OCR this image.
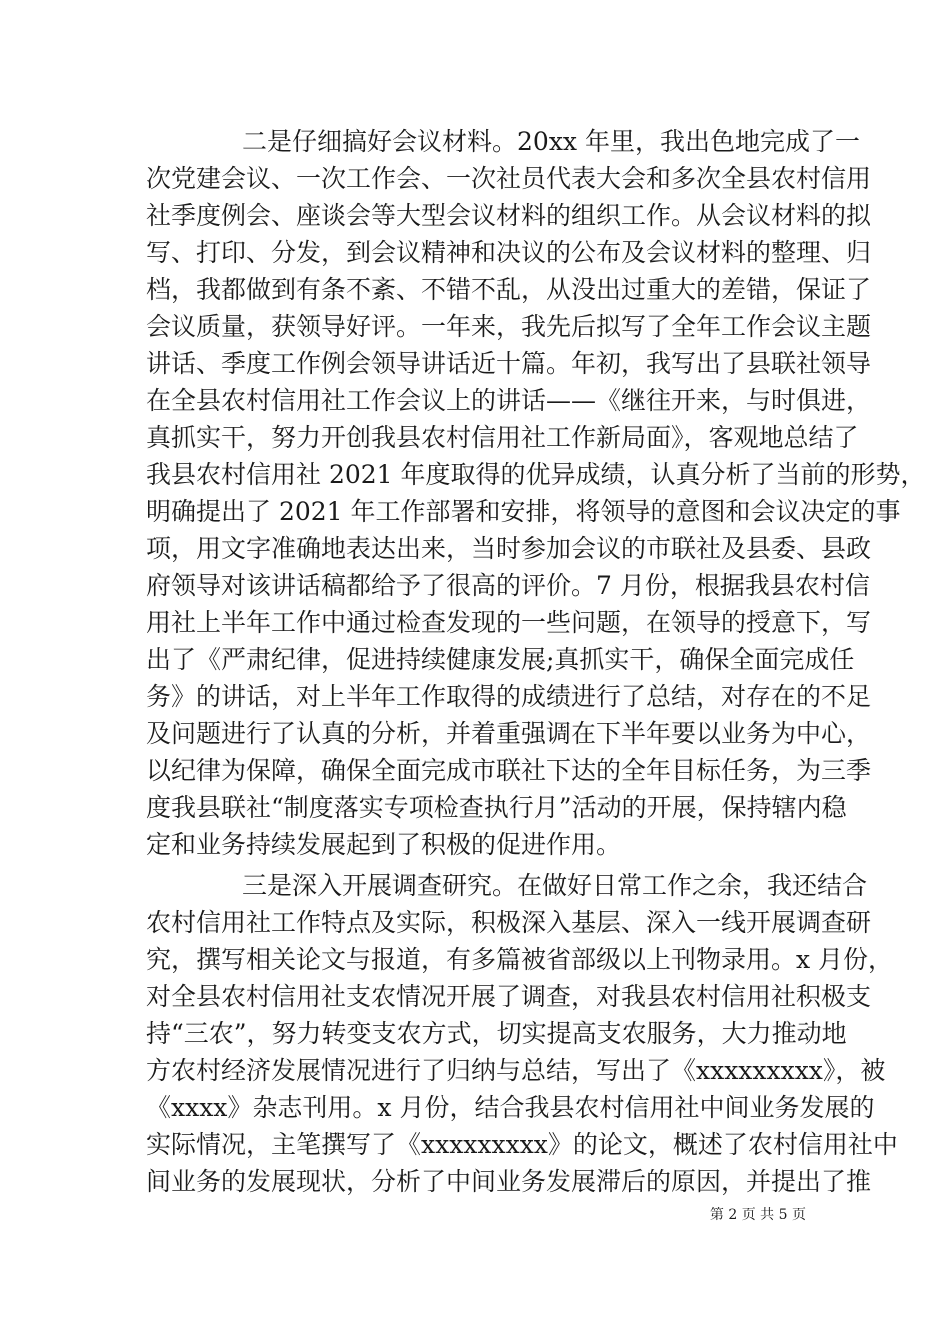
二是仔细搞好会议材料。20xx 年里，我出色地完成了一
次党建会议、一次工作会、一次社员代表大会和多次全县农村信用
社季度例会、座谈会等大型会议材料的组织工作。从会议材料的拟
写、打印、分发，到会议精神和决议的公布及会议材料的整理、归
档，我都做到有条不紊、不错不乱，从没出过重大的差错，保证了
会议质量，获领导好评。一年来，我先后拟写了全年工作会议主题
讲话、季度工作例会领导讲话近十篇。年初，我写出了县联社领导
在全县农村信用社工作会议上的讲话——《继往开来，与时俱进，
真抓实干，努力开创我县农村信用社工作新局面》，客观地总结了
我县农村信用社 2021 年度取得的优异成绩，认真分析了当前的形势，
明确提出了 2021 年工作部署和安排，将领导的意图和会议决定的事
项，用文字准确地表达出来，当时参加会议的市联社及县委、县政
府领导对该讲话稿都给予了很高的评价。7 月份，根据我县农村信
用社上半年工作中通过检查发现的一些问题，在领导的授意下，写
出了《严肃纪律，促进持续健康发展;真抓实干，确保全面完成任
务》的讲话，对上半年工作取得的成绩进行了总结，对存在的不足
及问题进行了认真的分析，并着重强调在下半年要以业务为中心，
以纪律为保障，确保全面完成市联社下达的全年目标任务，为三季
度我县联社“制度落实专项检查执行月”活动的开展，保持辖内稳
定和业务持续发展起到了积极的促进作用。
三是深入开展调查研究。在做好日常工作之余，我还结合
农村信用社工作特点及实际，积极深入基层、深入一线开展调查研
究，撰写相关论文与报道，有多篇被省部级以上刊物录用。x 月份，
对全县农村信用社支农情况开展了调查，对我县农村信用社积极支
持“三农”，努力转变支农方式，切实提高支农服务，大力推动地
方农村经济发展情况进行了归纳与总结，写出了《xxxxxxxxx》，被
《xxxx》杂志刊用。x 月份，结合我县农村信用社中间业务发展的
实际情况，主笔撰写了《xxxxxxxxx》的论文，概述了农村信用社中
间业务的发展现状，分析了中间业务发展滞后的原因，并提出了推
第 2 页 共 5 页
